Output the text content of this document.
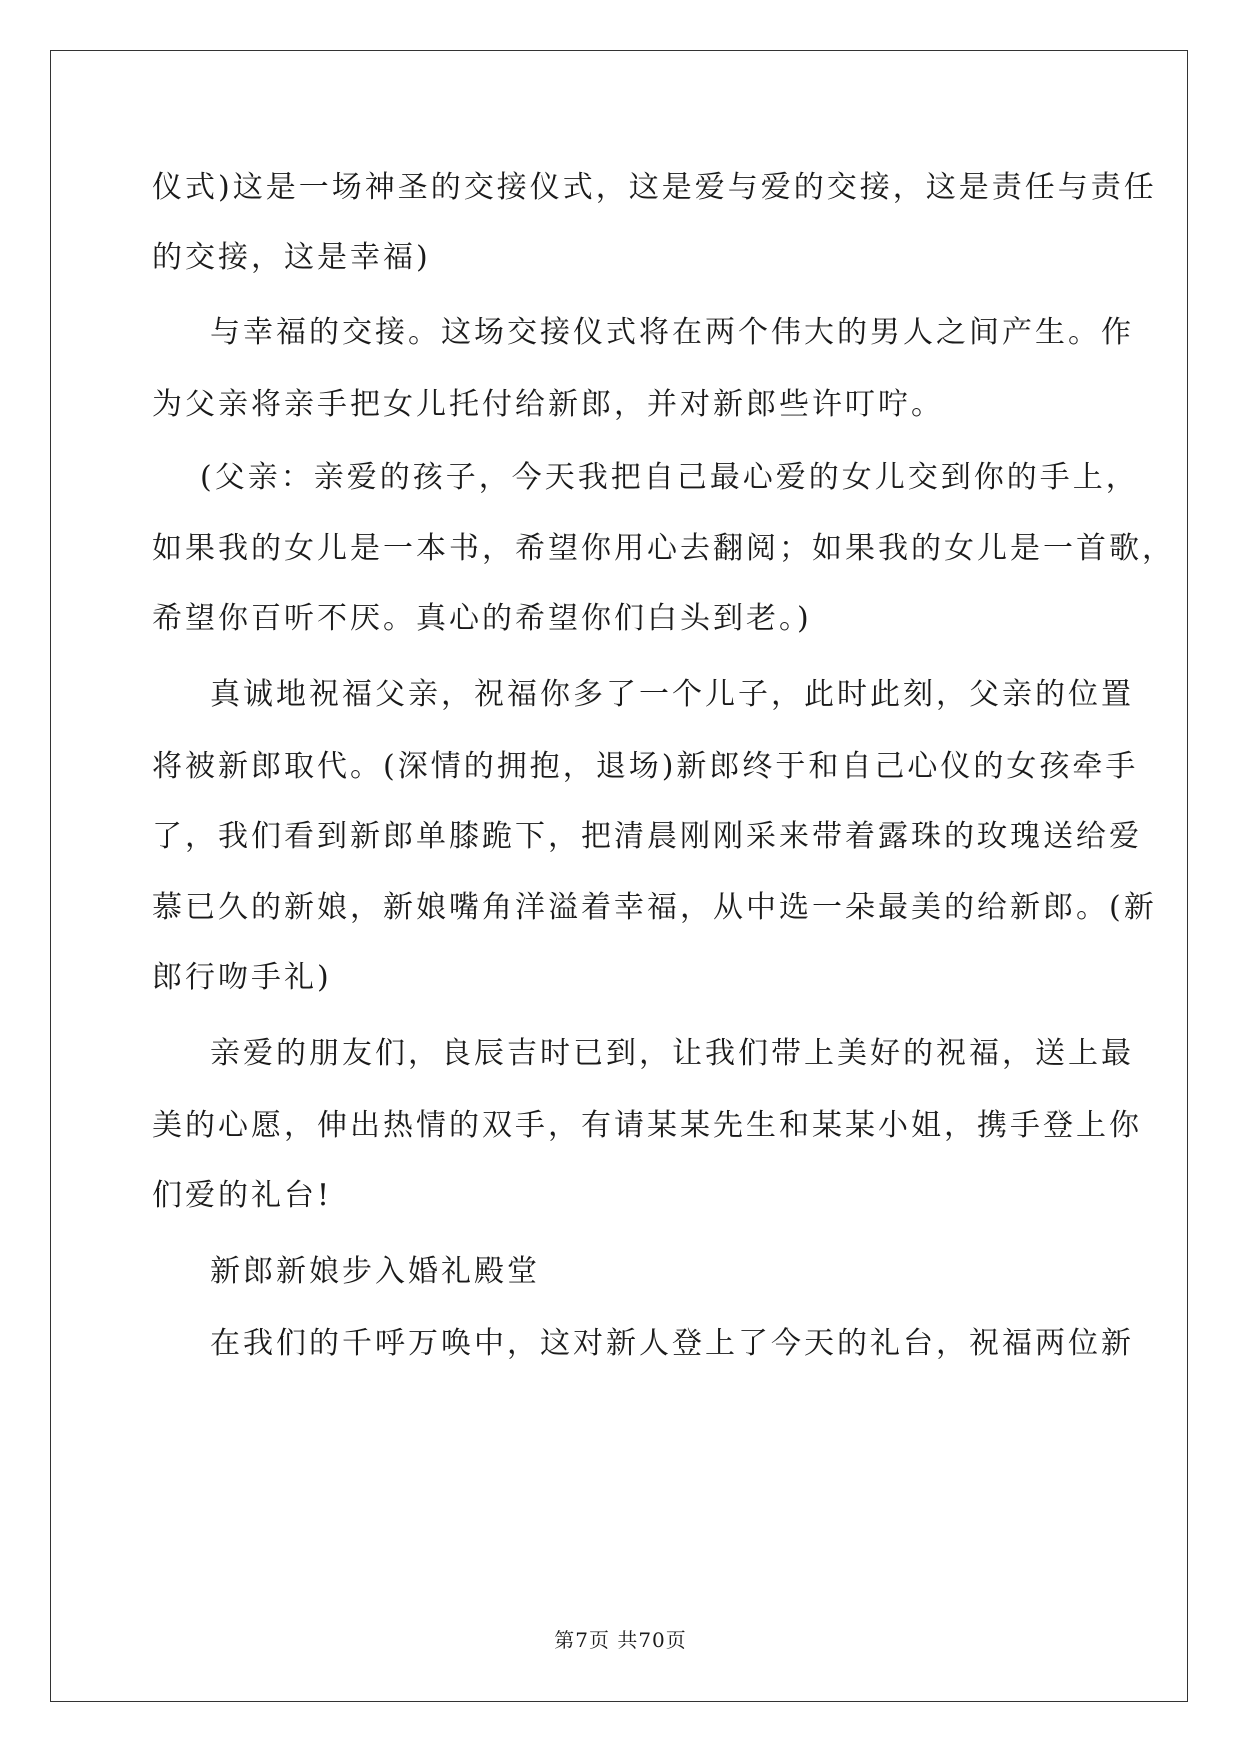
仪式)这是一场神圣的交接仪式，这是爱与爱的交接，这是责任与责任
的交接，这是幸福)
与幸福的交接。这场交接仪式将在两个伟大的男人之间产生。作
为父亲将亲手把女儿托付给新郎，并对新郎些许叮咛。
(父亲：亲爱的孩子，今天我把自己最心爱的女儿交到你的手上，
如果我的女儿是一本书，希望你用心去翻阅；如果我的女儿是一首歌，
希望你百听不厌。真心的希望你们白头到老。)
真诚地祝福父亲，祝福你多了一个儿子，此时此刻，父亲的位置
将被新郎取代。(深情的拥抱，退场)新郎终于和自己心仪的女孩牵手
了，我们看到新郎单膝跪下，把清晨刚刚采来带着露珠的玫瑰送给爱
慕已久的新娘，新娘嘴角洋溢着幸福，从中选一朵最美的给新郎。(新
郎行吻手礼)
亲爱的朋友们，良辰吉时已到，让我们带上美好的祝福，送上最
美的心愿，伸出热情的双手，有请某某先生和某某小姐，携手登上你
们爱的礼台!
新郎新娘步入婚礼殿堂
在我们的千呼万唤中，这对新人登上了今天的礼台，祝福两位新
第7页 共70页
